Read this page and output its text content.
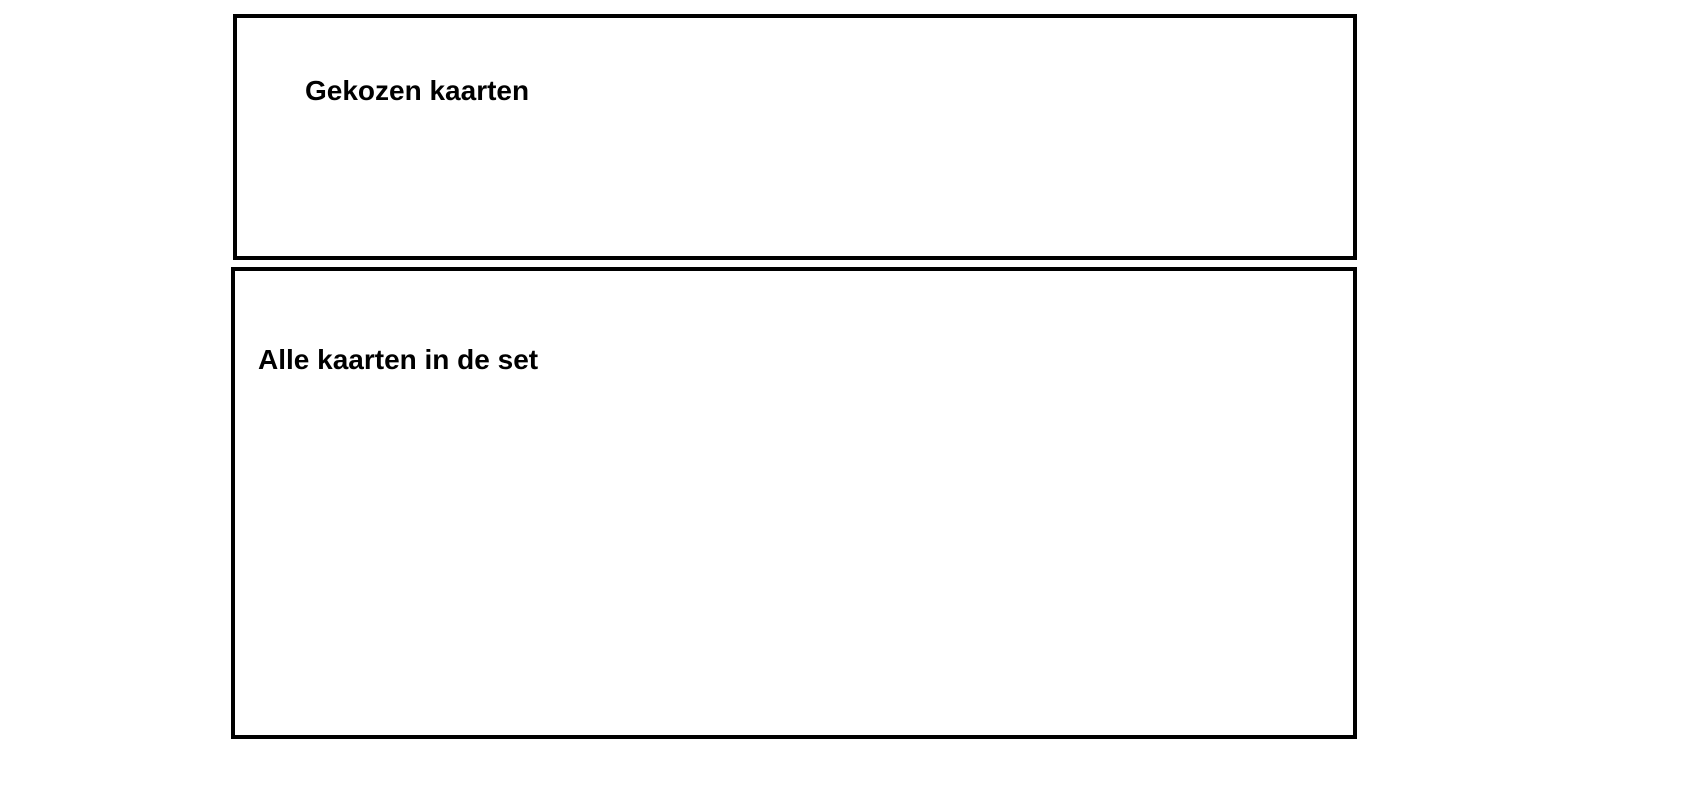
Gekozen kaarten
Alle kaarten in de set
